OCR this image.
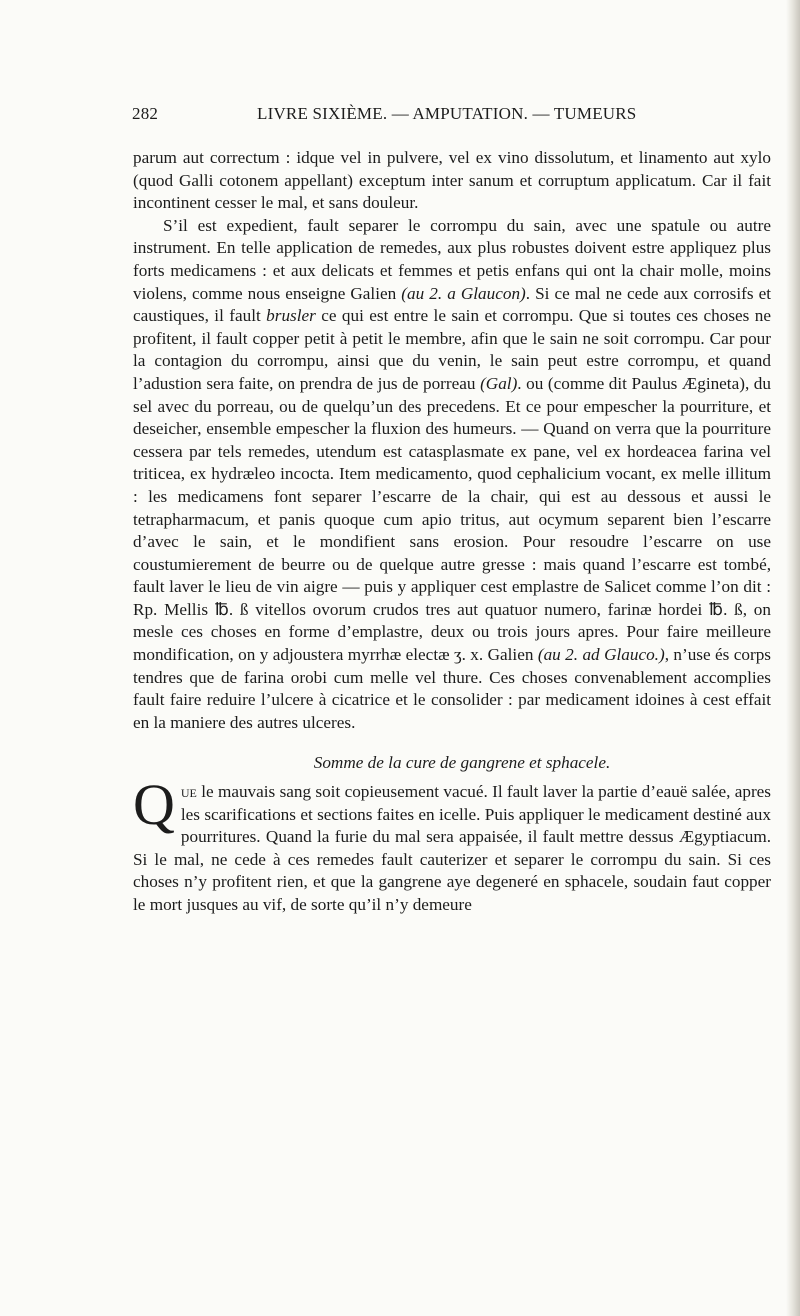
282	LIVRE SIXIÈME. — AMPUTATION. — TUMEURS

parum aut correctum : idque vel in pulvere, vel ex vino dissolutum, et linamento aut xylo (quod Galli cotonem appellant) exceptum inter sanum et corruptum applicatum. Car il fait incontinent cesser le mal, et sans douleur.

S’il est expedient, fault separer le corrompu du sain, avec une spatule ou autre instrument. En telle application de remedes, aux plus robustes doivent estre appliquez plus forts medicamens : et aux delicats et femmes et petis enfans qui ont la chair molle, moins violens, comme nous enseigne Galien (au 2. a Glaucon). Si ce mal ne cede aux corrosifs et caustiques, il fault brusler ce qui est entre le sain et corrompu. Que si toutes ces choses ne profitent, il fault copper petit à petit le membre, afin que le sain ne soit corrompu. Car pour la contagion du corrompu, ainsi que du venin, le sain peut estre corrompu, et quand l’adustion sera faite, on prendra de jus de porreau (Gal). ou (comme dit Paulus Ægineta), du sel avec du porreau, ou de quelqu’un des precedens. Et ce pour empescher la pourriture, et deseicher, ensemble empescher la fluxion des humeurs. — Quand on verra que la pourriture cessera par tels remedes, utendum est catasplasmate ex pane, vel ex hordeacea farina vel triticea, ex hydræleo incocta. Item medicamento, quod cephalicium vocant, ex melle illitum : les medicamens font separer l’escarre de la chair, qui est au dessous et aussi le tetrapharmacum, et panis quoque cum apio tritus, aut ocymum separent bien l’escarre d’avec le sain, et le mondifient sans erosion. Pour resoudre l’escarre on use coustumierement de beurre ou de quelque autre gresse : mais quand l’escarre est tombé, fault laver le lieu de vin aigre — puis y appliquer cest emplastre de Salicet comme l’on dit : Rp. Mellis ℔. ß vitellos ovorum crudos tres aut quatuor numero, farinæ hordei ℔. ß, on mesle ces choses en forme d’emplastre, deux ou trois jours apres. Pour faire meilleure mondification, on y adjoustera myrrhæ electæ ʒ. x. Galien (au 2. ad Glauco.), n’use és corps tendres que de farina orobi cum melle vel thure. Ces choses convenablement accomplies fault faire reduire l’ulcere à cicatrice et le consolider : par medicament idoines à cest effait en la maniere des autres ulceres.

Somme de la cure de gangrene et sphacele.

Que le mauvais sang soit copieusement vacué. Il fault laver la partie d’eauë salée, apres les scarifications et sections faites en icelle. Puis appliquer le medicament destiné aux pourritures. Quand la furie du mal sera appaisée, il fault mettre dessus Ægyptiacum. Si le mal, ne cede à ces remedes fault cauterizer et separer le corrompu du sain. Si ces choses n’y profitent rien, et que la gangrene aye degeneré en sphacele, soudain faut copper le mort jusques au vif, de sorte qu’il n’y demeure
